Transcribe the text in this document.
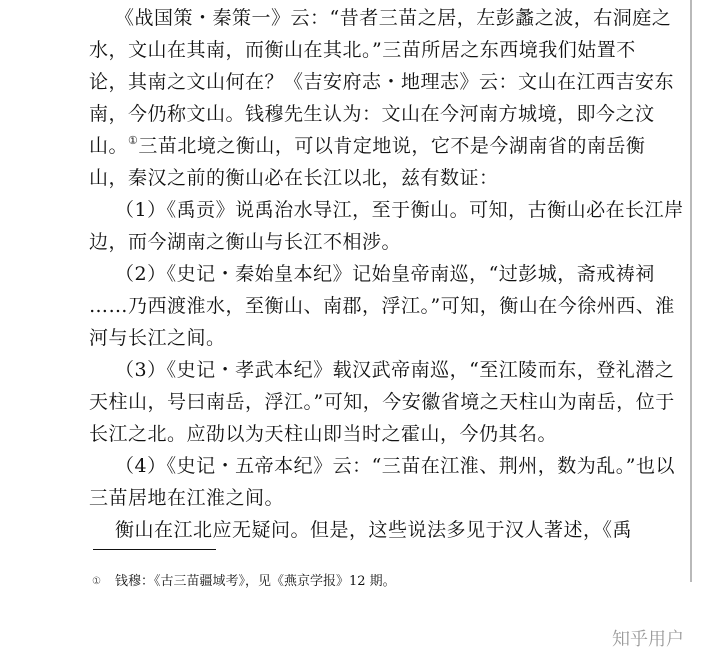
《战国策・秦策一》云：“昔者三苗之居，左彭蠡之波，右洞庭之
水，文山在其南，而衡山在其北。”三苗所居之东西境我们姑置不
论，其南之文山何在？《吉安府志・地理志》云：文山在江西吉安东
南，今仍称文山。钱穆先生认为：文山在今河南方城境，即今之汶
山。①三苗北境之衡山，可以肯定地说，它不是今湖南省的南岳衡
山，秦汉之前的衡山必在长江以北，兹有数证：
（1）《禹贡》说禹治水导江，至于衡山。可知，古衡山必在长江岸
边，而今湖南之衡山与长江不相涉。
（2）《史记・秦始皇本纪》记始皇帝南巡，“过彭城，斋戒祷祠
……乃西渡淮水，至衡山、南郡，浮江。”可知，衡山在今徐州西、淮
河与长江之间。
（3）《史记・孝武本纪》载汉武帝南巡，“至江陵而东，登礼潜之
天柱山，号曰南岳，浮江。”可知，今安徽省境之天柱山为南岳，位于
长江之北。应劭以为天柱山即当时之霍山，今仍其名。
（4）《史记・五帝本纪》云：“三苗在江淮、荆州，数为乱。”也以
三苗居地在江淮之间。
衡山在江北应无疑问。但是，这些说法多见于汉人著述，《禹
① 钱穆：《古三苗疆域考》，见《燕京学报》12 期。
知乎用户
